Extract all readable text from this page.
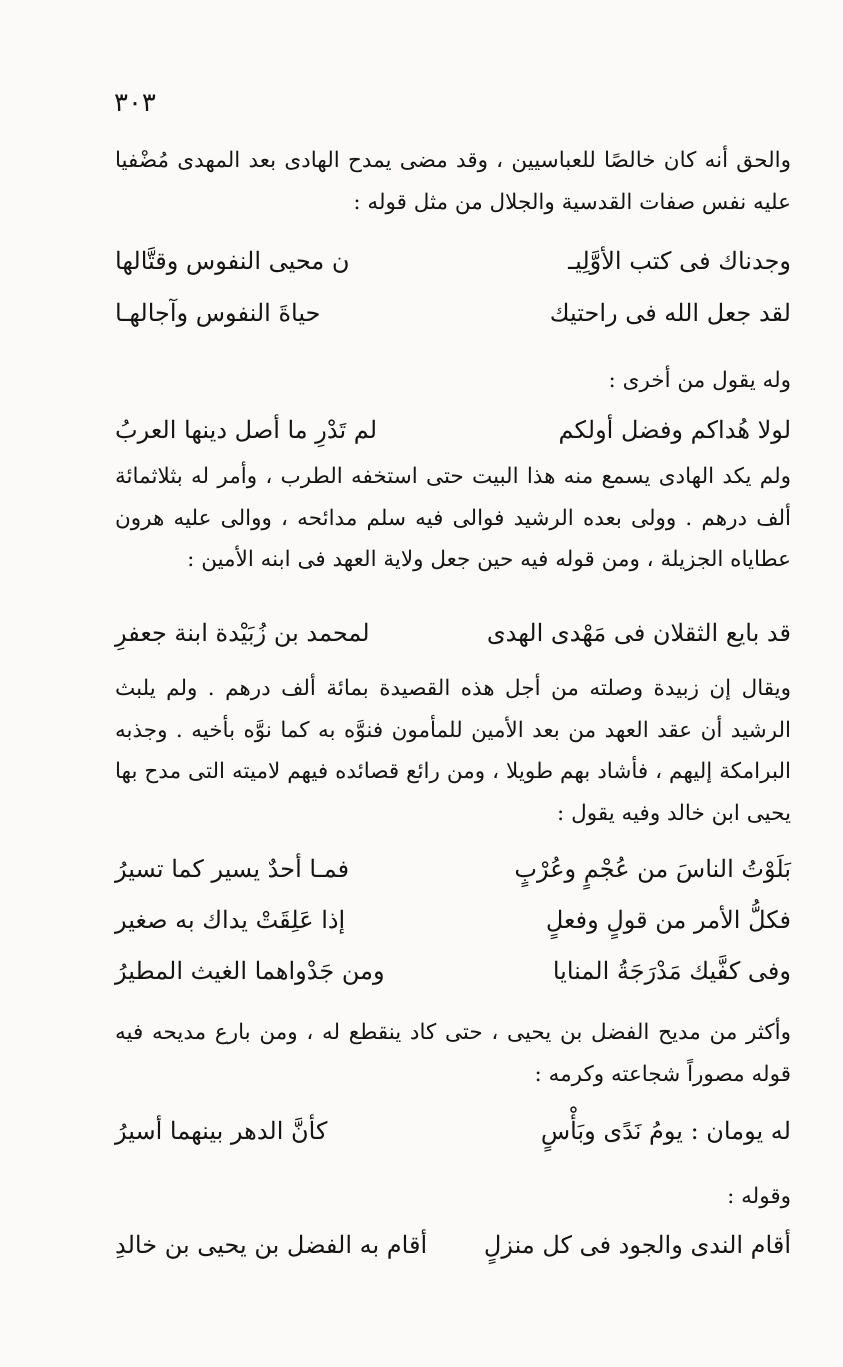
٣٠٣

والحق أنه كان خالصًا للعباسيين ، وقد مضى يمدح الهادى بعد المهدى مُضْفيا عليه نفس صفات القدسية والجلال من مثل قوله :

وجدناك فى كتب الأوَّلِيـ
ن محيى النفوس وقتَّالها
لقد جعل الله فى راحتيك
حياةَ النفوس وآجالهـا

وله يقول من أخرى :

لولا هُداكم وفضل أولكم
لم تَدْرِ ما أصل دينها العربُ

ولم يكد الهادى يسمع منه هذا البيت حتى استخفه الطرب ، وأمر له بثلاثمائة ألف درهم . وولى بعده الرشيد فوالى فيه سلم مدائحه ، ووالى عليه هرون عطاياه الجزيلة ، ومن قوله فيه حين جعل ولاية العهد فى ابنه الأمين :

قد بايع الثقلان فى مَهْدى الهدى
لمحمد بن زُبَيْدة ابنة جعفرِ

ويقال إن زبيدة وصلته من أجل هذه القصيدة بمائة ألف درهم . ولم يلبث الرشيد أن عقد العهد من بعد الأمين للمأمون فنوَّه به كما نوَّه بأخيه . وجذبه البرامكة إليهم ، فأشاد بهم طويلا ، ومن رائع قصائده فيهم لاميته التى مدح بها يحيى ابن خالد وفيه يقول :

بَلَوْتُ الناسَ من عُجْمٍ وعُرْبٍ
فمـا أحدٌ يسير كما تسيرُ
فكلُّ الأمر من قولٍ وفعلٍ
إذا عَلِقَتْ يداك به صغير
وفى كفَّيك مَدْرَجَةُ المنايا
ومن جَدْواهما الغيث المطيرُ

وأكثر من مديح الفضل بن يحيى ، حتى كاد ينقطع له ، ومن بارع مديحه فيه قوله مصوراً شجاعته وكرمه :

له يومان : يومُ نَدًى وبَأْسٍ
كأنَّ الدهر بينهما أسيرُ

وقوله :

أقام الندى والجود فى كل منزلٍ
أقام به الفضل بن يحيى بن خالدِ
